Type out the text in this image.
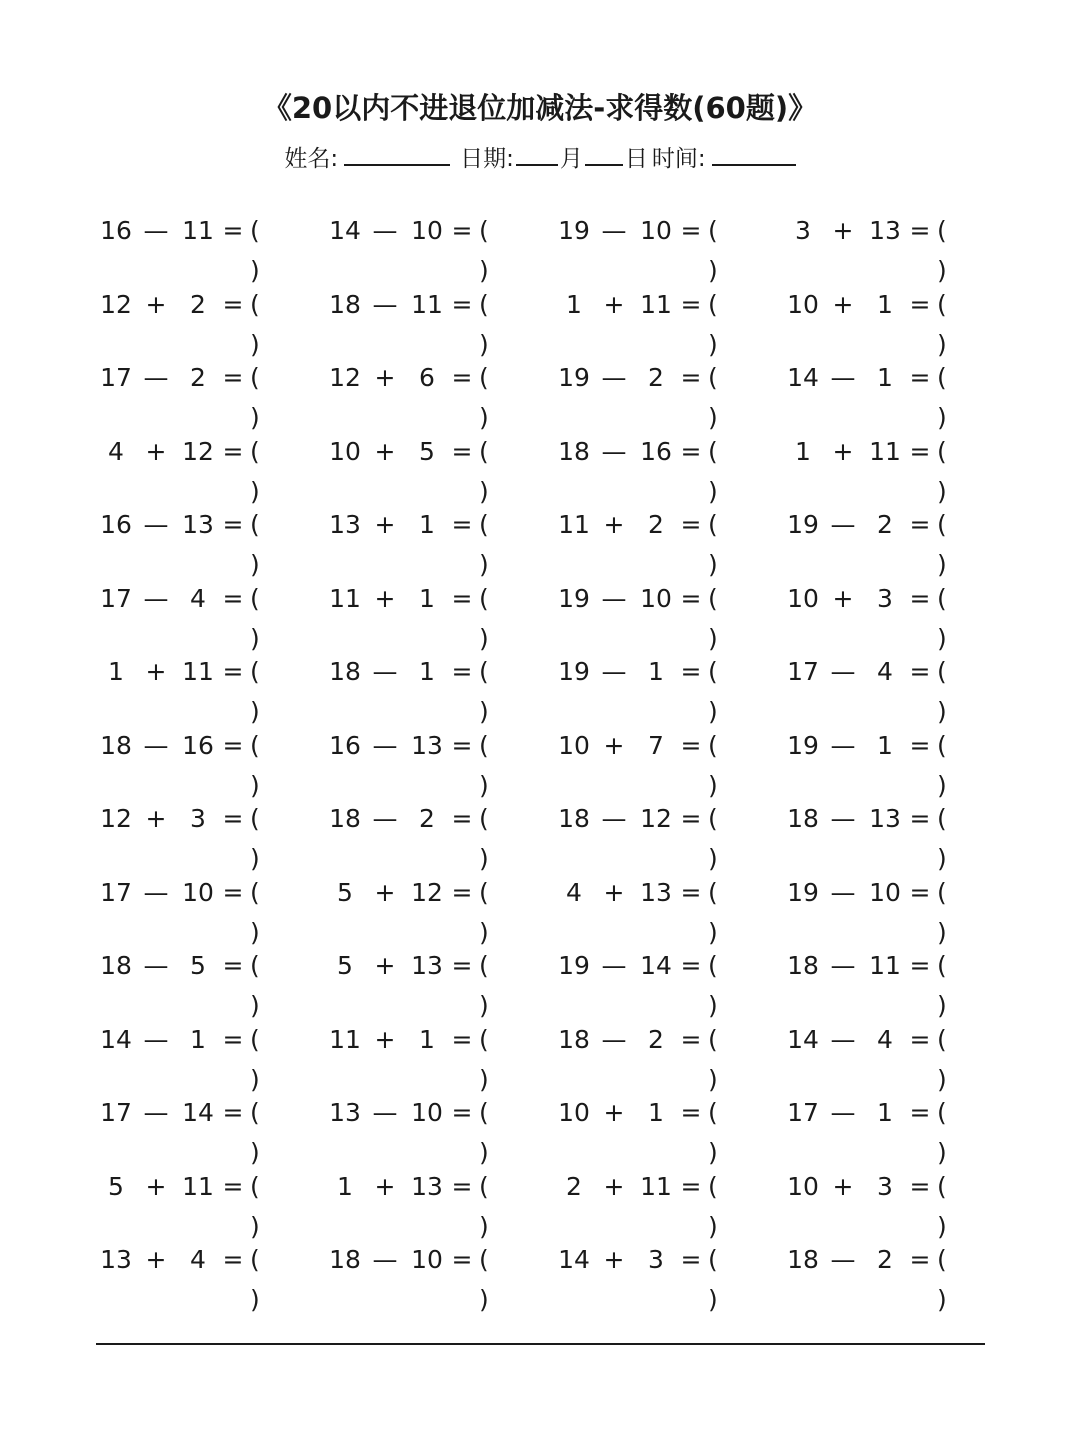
《20以内不进退位加减法-求得数(60题)》
姓名:	日期: 月 日 时间:
16 — 11 = ( )
14 — 10 = ( )
19 — 10 = ( )
3 + 13 = ( )
12 + 2 = ( )
18 — 11 = ( )
1 + 11 = ( )
10 + 1 = ( )
17 — 2 = ( )
12 + 6 = ( )
19 — 2 = ( )
14 — 1 = ( )
4 + 12 = ( )
10 + 5 = ( )
18 — 16 = ( )
1 + 11 = ( )
16 — 13 = ( )
13 + 1 = ( )
11 + 2 = ( )
19 — 2 = ( )
17 — 4 = ( )
11 + 1 = ( )
19 — 10 = ( )
10 + 3 = ( )
1 + 11 = ( )
18 — 1 = ( )
19 — 1 = ( )
17 — 4 = ( )
18 — 16 = ( )
16 — 13 = ( )
10 + 7 = ( )
19 — 1 = ( )
12 + 3 = ( )
18 — 2 = ( )
18 — 12 = ( )
18 — 13 = ( )
17 — 10 = ( )
5 + 12 = ( )
4 + 13 = ( )
19 — 10 = ( )
18 — 5 = ( )
5 + 13 = ( )
19 — 14 = ( )
18 — 11 = ( )
14 — 1 = ( )
11 + 1 = ( )
18 — 2 = ( )
14 — 4 = ( )
17 — 14 = ( )
13 — 10 = ( )
10 + 1 = ( )
17 — 1 = ( )
5 + 11 = ( )
1 + 13 = ( )
2 + 11 = ( )
10 + 3 = ( )
13 + 4 = ( )
18 — 10 = ( )
14 + 3 = ( )
18 — 2 = ( )
